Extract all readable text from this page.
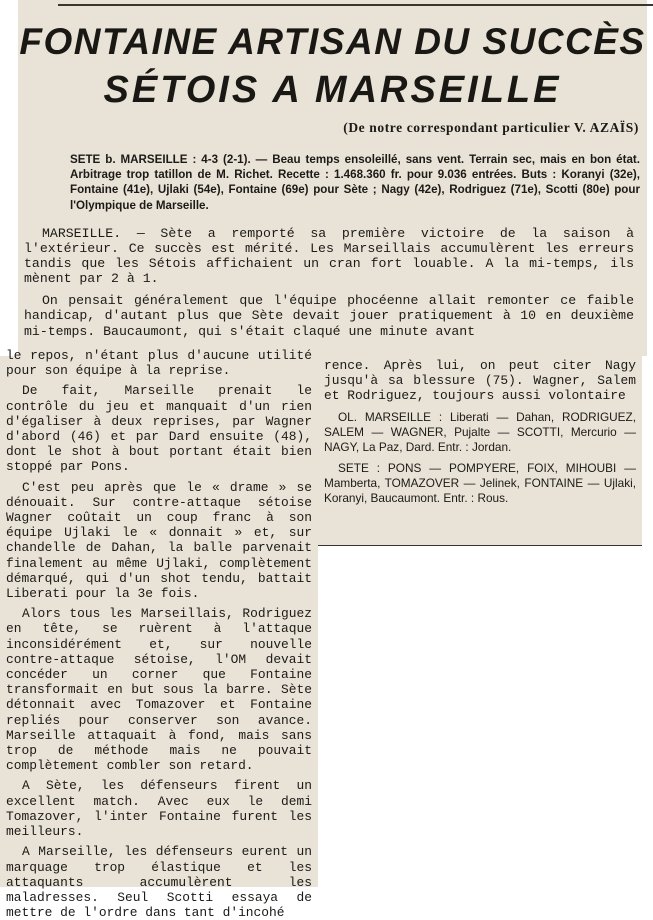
FONTAINE ARTISAN DU SUCCÈS
SÉTOIS A MARSEILLE
(De notre correspondant particulier V. AZAÏS)

SETE b. MARSEILLE : 4-3 (2-1). — Beau temps ensoleillé, sans vent. Terrain sec, mais en bon état. Arbitrage trop tatillon de M. Richet. Recette : 1.468.360 fr. pour 9.036 entrées. Buts : Koranyi (32e), Fontaine (41e), Ujlaki (54e), Fontaine (69e) pour Sète ; Nagy (42e), Rodriguez (71e), Scotti (80e) pour l'Olympique de Marseille.

MARSEILLE. — Sète a remporté sa première victoire de la saison à l'extérieur. Ce succès est mérité. Les Marseillais accumulèrent les erreurs tandis que les Sétois affichaient un cran fort louable. A la mi-temps, ils mènent par 2 à 1.

On pensait généralement que l'équipe phocéenne allait remonter ce faible handicap, d'autant plus que Sète devait jouer pratiquement à 10 en deuxième mi-temps. Baucaumont, qui s'était claqué une minute avant

le repos, n'étant plus d'aucune utilité pour son équipe à la reprise.

De fait, Marseille prenait le contrôle du jeu et manquait d'un rien d'égaliser à deux reprises, par Wagner d'abord (46) et par Dard ensuite (48), dont le shot à bout portant était bien stoppé par Pons.

C'est peu après que le « drame » se dénouait. Sur contre-attaque sétoise Wagner coûtait un coup franc à son équipe Ujlaki le « donnait » et, sur chandelle de Dahan, la balle parvenait finalement au même Ujlaki, complètement démarqué, qui d'un shot tendu, battait Liberati pour la 3e fois.

Alors tous les Marseillais, Rodriguez en tête, se ruèrent à l'attaque inconsidérément et, sur nouvelle contre-attaque sétoise, l'OM devait concéder un corner que Fontaine transformait en but sous la barre. Sète détonnait avec Tomazover et Fontaine repliés pour conserver son avance. Marseille attaquait à fond, mais sans trop de méthode mais ne pouvait complètement combler son retard.

A Sète, les défenseurs firent un excellent match. Avec eux le demi Tomazover, l'inter Fontaine furent les meilleurs.

A Marseille, les défenseurs eurent un marquage trop élastique et les attaquants accumulèrent les maladresses. Seul Scotti essaya de mettre de l'ordre dans tant d'incohé

rence. Après lui, on peut citer Nagy jusqu'à sa blessure (75). Wagner, Salem et Rodriguez, toujours aussi volontaire

OL. MARSEILLE : Liberati — Dahan, RODRIGUEZ, SALEM — WAGNER, Pujalte — SCOTTI, Mercurio — NAGY, La Paz, Dard. Entr. : Jordan.

SETE : PONS — POMPYERE, FOIX, MIHOUBI — Mamberta, TOMAZOVER — Jelinek, FONTAINE — Ujlaki, Koranyi, Baucaumont. Entr. : Rous.
